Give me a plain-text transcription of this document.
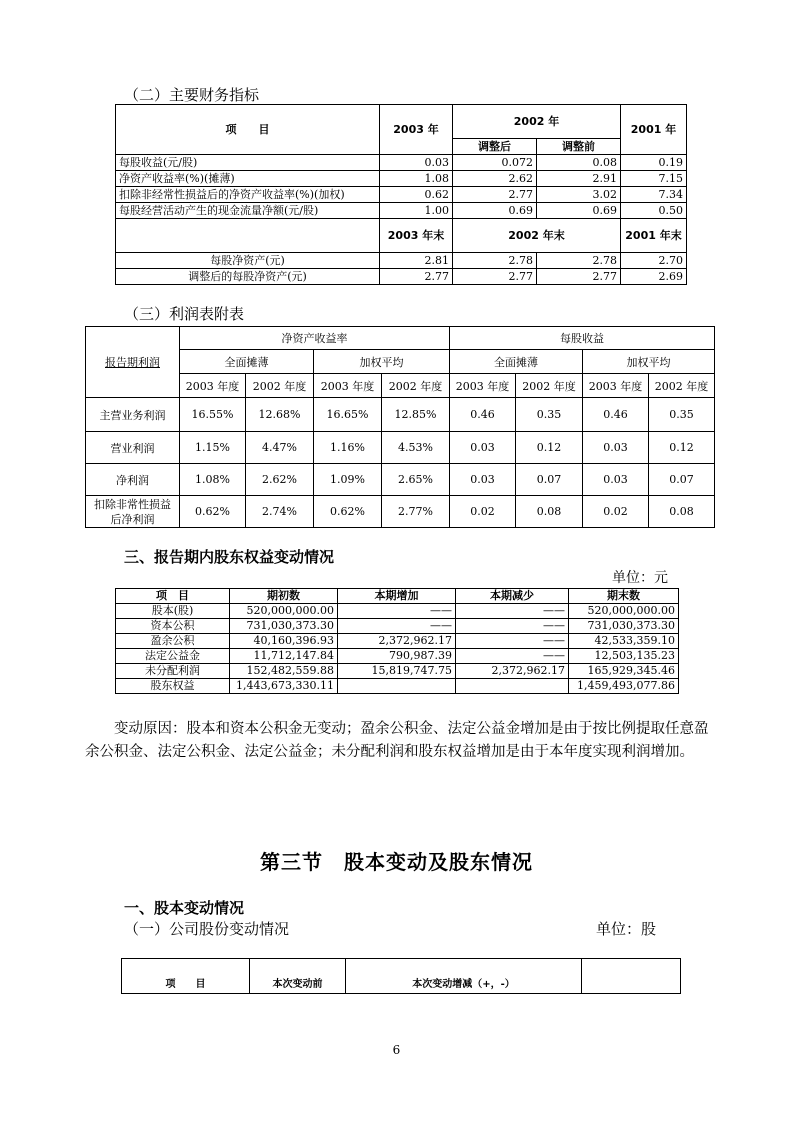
（二）主要财务指标
项　　目	2003 年	2002 年		2001 年
		调整后	调整前	
每股收益(元/股)	0.03	0.072	0.08	0.19
净资产收益率(%)(摊薄)	1.08	2.62	2.91	7.15
扣除非经常性损益后的净资产收益率(%)(加权)	0.62	2.77	3.02	7.34
每股经营活动产生的现金流量净额(元/股)	1.00	0.69	0.69	0.50
	2003 年末	2002 年末		2001 年末
每股净资产(元)	2.81	2.78	2.78	2.70
调整后的每股净资产(元)	2.77	2.77	2.77	2.69
（三）利润表附表
报告期利润	净资产收益率				每股收益			
	全面摊薄		加权平均		全面摊薄		加权平均	
	2003 年度	2002 年度	2003 年度	2002 年度	2003 年度	2002 年度	2003 年度	2002 年度
主营业务利润	16.55%	12.68%	16.65%	12.85%	0.46	0.35	0.46	0.35
营业利润	1.15%	4.47%	1.16%	4.53%	0.03	0.12	0.03	0.12
净利润	1.08%	2.62%	1.09%	2.65%	0.03	0.07	0.03	0.07
扣除非常性损益后净利润	0.62%	2.74%	0.62%	2.77%	0.02	0.08	0.02	0.08
三、报告期内股东权益变动情况
单位：元
项　目	期初数	本期增加	本期减少	期末数
股本(股)	520,000,000.00	——	——	520,000,000.00
资本公积	731,030,373.30	——	——	731,030,373.30
盈余公积	40,160,396.93	2,372,962.17	——	42,533,359.10
法定公益金	11,712,147.84	790,987.39	——	12,503,135.23
未分配利润	152,482,559.88	15,819,747.75	2,372,962.17	165,929,345.46
股东权益	1,443,673,330.11			1,459,493,077.86
变动原因：股本和资本公积金无变动；盈余公积金、法定公益金增加是由于按比例提取任意盈余公积金、法定公积金、法定公益金；未分配利润和股东权益增加是由于本年度实现利润增加。
第三节　股本变动及股东情况
一、股本变动情况
（一）公司股份变动情况	单位：股
项　　目	本次变动前	本次变动增减（+，-）	
6
